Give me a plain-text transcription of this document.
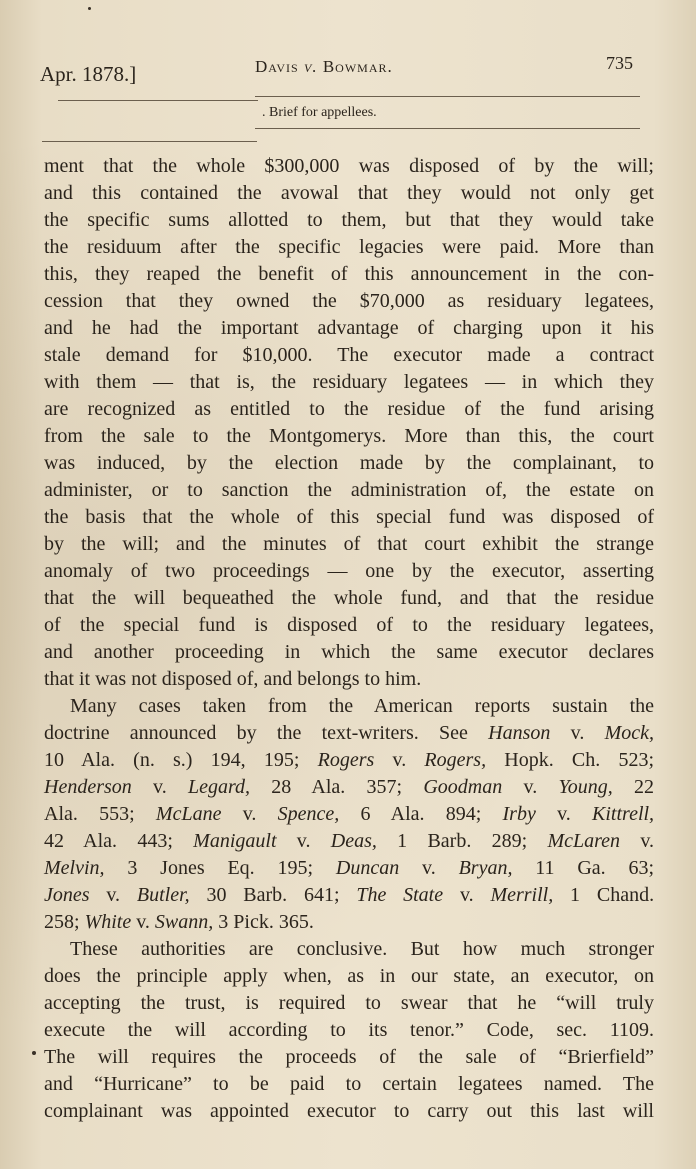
Apr. 1878.]	Davis v. Bowmar.	735
. Brief for appellees.

ment that the whole $300,000 was disposed of by the will;

and this contained the avowal that they would not only get

the specific sums allotted to them, but that they would take

the residuum after the specific legacies were paid. More than

this, they reaped the benefit of this announcement in the con-

cession that they owned the $70,000 as residuary legatees,

and he had the important advantage of charging upon it his

stale demand for $10,000. The executor made a contract

with them — that is, the residuary legatees — in which they

are recognized as entitled to the residue of the fund arising

from the sale to the Montgomerys. More than this, the court

was induced, by the election made by the complainant, to

administer, or to sanction the administration of, the estate on

the basis that the whole of this special fund was disposed of

by the will; and the minutes of that court exhibit the strange

anomaly of two proceedings — one by the executor, asserting

that the will bequeathed the whole fund, and that the residue

of the special fund is disposed of to the residuary legatees,

and another proceeding in which the same executor declares

that it was not disposed of, and belongs to him.

Many cases taken from the American reports sustain the

doctrine announced by the text-writers. See Hanson v. Mock,

10 Ala. (n. s.) 194, 195; Rogers v. Rogers, Hopk. Ch. 523;

Henderson v. Legard, 28 Ala. 357; Goodman v. Young, 22

Ala. 553; McLane v. Spence, 6 Ala. 894; Irby v. Kittrell,

42 Ala. 443; Manigault v. Deas, 1 Barb. 289; McLaren v.

Melvin, 3 Jones Eq. 195; Duncan v. Bryan, 11 Ga. 63;

Jones v. Butler, 30 Barb. 641; The State v. Merrill, 1 Chand.

258; White v. Swann, 3 Pick. 365.

These authorities are conclusive. But how much stronger

does the principle apply when, as in our state, an executor, on

accepting the trust, is required to swear that he “will truly

execute the will according to its tenor.” Code, sec. 1109.

The will requires the proceeds of the sale of “Brierfield”

and “Hurricane” to be paid to certain legatees named. The

complainant was appointed executor to carry out this last will
